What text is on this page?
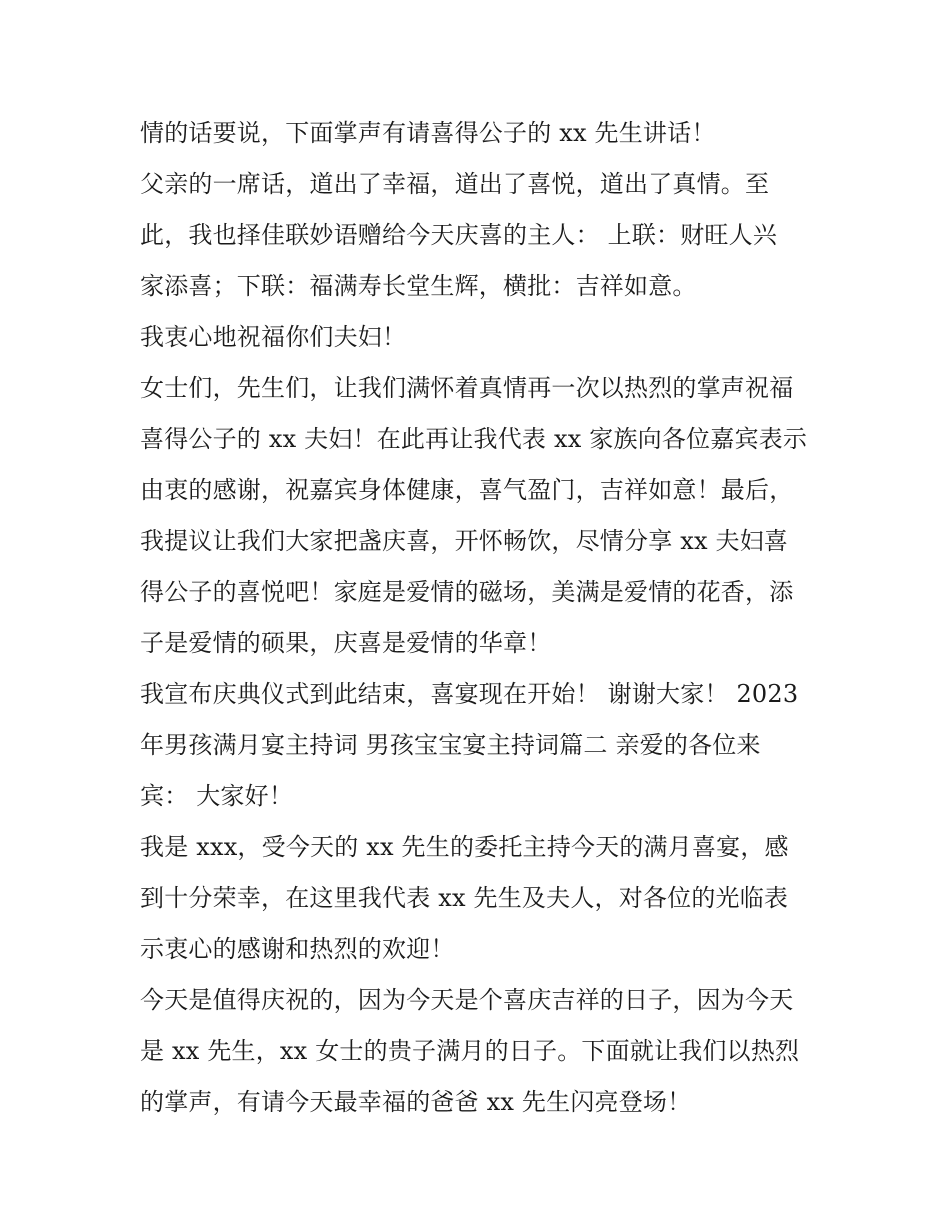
情的话要说，下面掌声有请喜得公子的 xx 先生讲话！

父亲的一席话，道出了幸福，道出了喜悦，道出了真情。至
此，我也择佳联妙语赠给今天庆喜的主人： 上联：财旺人兴
家添喜；下联：福满寿长堂生辉，横批：吉祥如意。

我衷心地祝福你们夫妇！

女士们，先生们，让我们满怀着真情再一次以热烈的掌声祝福
喜得公子的 xx 夫妇！在此再让我代表 xx 家族向各位嘉宾表示
由衷的感谢，祝嘉宾身体健康，喜气盈门，吉祥如意！最后，
我提议让我们大家把盏庆喜，开怀畅饮，尽情分享 xx 夫妇喜
得公子的喜悦吧！家庭是爱情的磁场，美满是爱情的花香，添
子是爱情的硕果，庆喜是爱情的华章！

我宣布庆典仪式到此结束，喜宴现在开始！ 谢谢大家！ 2023
年男孩满月宴主持词 男孩宝宝宴主持词篇二 亲爱的各位来
宾： 大家好！

我是 xxx，受今天的 xx 先生的委托主持今天的满月喜宴，感
到十分荣幸，在这里我代表 xx 先生及夫人，对各位的光临表
示衷心的感谢和热烈的欢迎！

今天是值得庆祝的，因为今天是个喜庆吉祥的日子，因为今天
是 xx 先生，xx 女士的贵子满月的日子。下面就让我们以热烈
的掌声，有请今天最幸福的爸爸 xx 先生闪亮登场！
